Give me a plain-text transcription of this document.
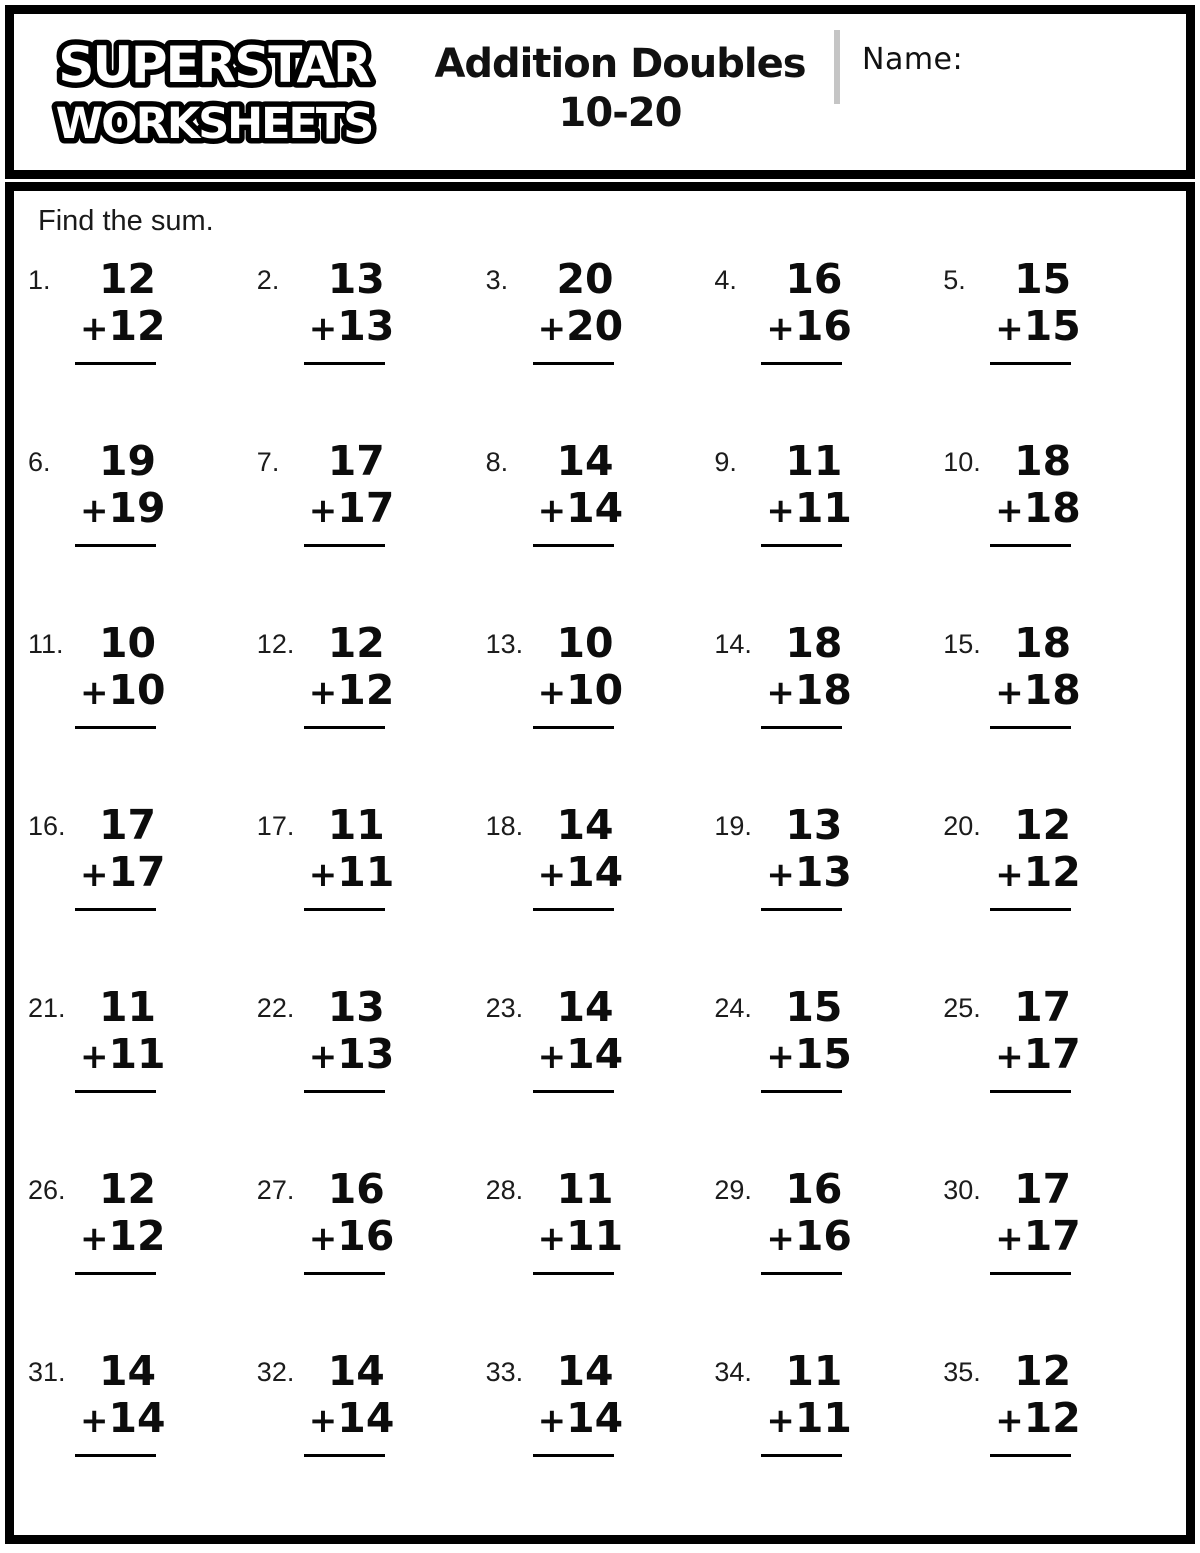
SUPERSTAR
WORKSHEETS
Addition Doubles
10-20
Name:

Find the sum.

1.	12
+ 12
2.	13
+ 13
3.	20
+ 20
4.	16
+ 16
5.	15
+ 15
6.	19
+ 19
7.	17
+ 17
8.	14
+ 14
9.	11
+ 11
10. 18
+ 18
11. 10
+ 10
12. 12
+ 12
13. 10
+ 10
14. 18
+ 18
15. 18
+ 18
16. 17
+ 17
17. 11
+ 11
18. 14
+ 14
19. 13
+ 13
20. 12
+ 12
21. 11
+ 11
22. 13
+ 13
23. 14
+ 14
24. 15
+ 15
25. 17
+ 17
26. 12
+ 12
27. 16
+ 16
28. 11
+ 11
29. 16
+ 16
30. 17
+ 17
31. 14
+ 14
32. 14
+ 14
33. 14
+ 14
34. 11
+ 11
35. 12
+ 12
